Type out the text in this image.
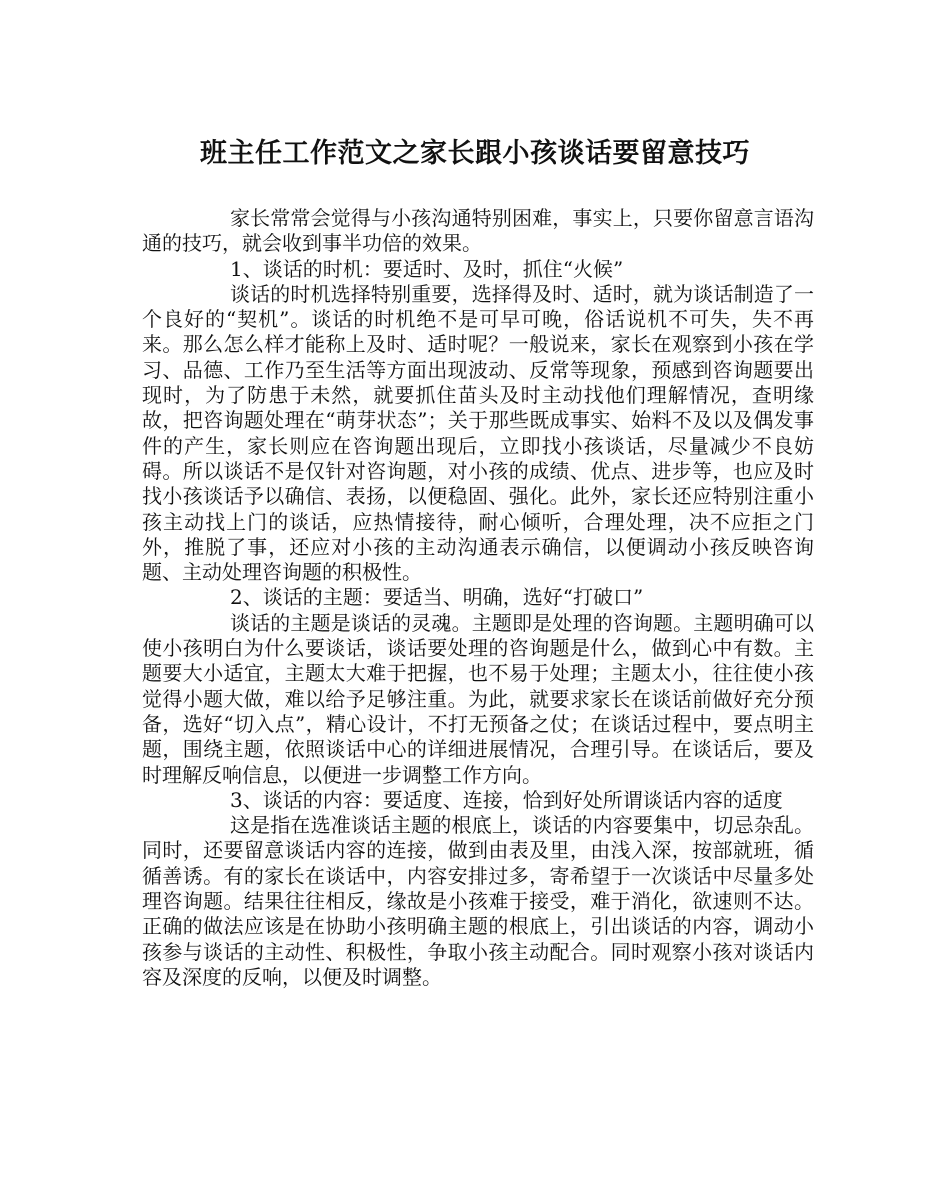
班主任工作范文之家长跟小孩谈话要留意技巧

家长常常会觉得与小孩沟通特别困难，事实上，只要你留意言语沟通的技巧，就会收到事半功倍的效果。

1、谈话的时机：要适时、及时，抓住“火候”

谈话的时机选择特别重要，选择得及时、适时，就为谈话制造了一个良好的“契机”。谈话的时机绝不是可早可晚，俗话说机不可失，失不再来。那么怎么样才能称上及时、适时呢？一般说来，家长在观察到小孩在学习、品德、工作乃至生活等方面出现波动、反常等现象，预感到咨询题要出现时，为了防患于未然，就要抓住苗头及时主动找他们理解情况，查明缘故，把咨询题处理在“萌芽状态”；关于那些既成事实、始料不及以及偶发事件的产生，家长则应在咨询题出现后，立即找小孩谈话，尽量减少不良妨碍。所以谈话不是仅针对咨询题，对小孩的成绩、优点、进步等，也应及时找小孩谈话予以确信、表扬，以便稳固、强化。此外，家长还应特别注重小孩主动找上门的谈话，应热情接待，耐心倾听，合理处理，决不应拒之门外，推脱了事，还应对小孩的主动沟通表示确信，以便调动小孩反映咨询题、主动处理咨询题的积极性。

2、谈话的主题：要适当、明确，选好“打破口”

谈话的主题是谈话的灵魂。主题即是处理的咨询题。主题明确可以使小孩明白为什么要谈话，谈话要处理的咨询题是什么，做到心中有数。主题要大小适宜，主题太大难于把握，也不易于处理；主题太小，往往使小孩觉得小题大做，难以给予足够注重。为此，就要求家长在谈话前做好充分预备，选好“切入点”，精心设计，不打无预备之仗；在谈话过程中，要点明主题，围绕主题，依照谈话中心的详细进展情况，合理引导。在谈话后，要及时理解反响信息，以便进一步调整工作方向。

3、谈话的内容：要适度、连接，恰到好处所谓谈话内容的适度

这是指在选准谈话主题的根底上，谈话的内容要集中，切忌杂乱。同时，还要留意谈话内容的连接，做到由表及里，由浅入深，按部就班，循循善诱。有的家长在谈话中，内容安排过多，寄希望于一次谈话中尽量多处理咨询题。结果往往相反，缘故是小孩难于接受，难于消化，欲速则不达。正确的做法应该是在协助小孩明确主题的根底上，引出谈话的内容，调动小孩参与谈话的主动性、积极性，争取小孩主动配合。同时观察小孩对谈话内容及深度的反响，以便及时调整。
